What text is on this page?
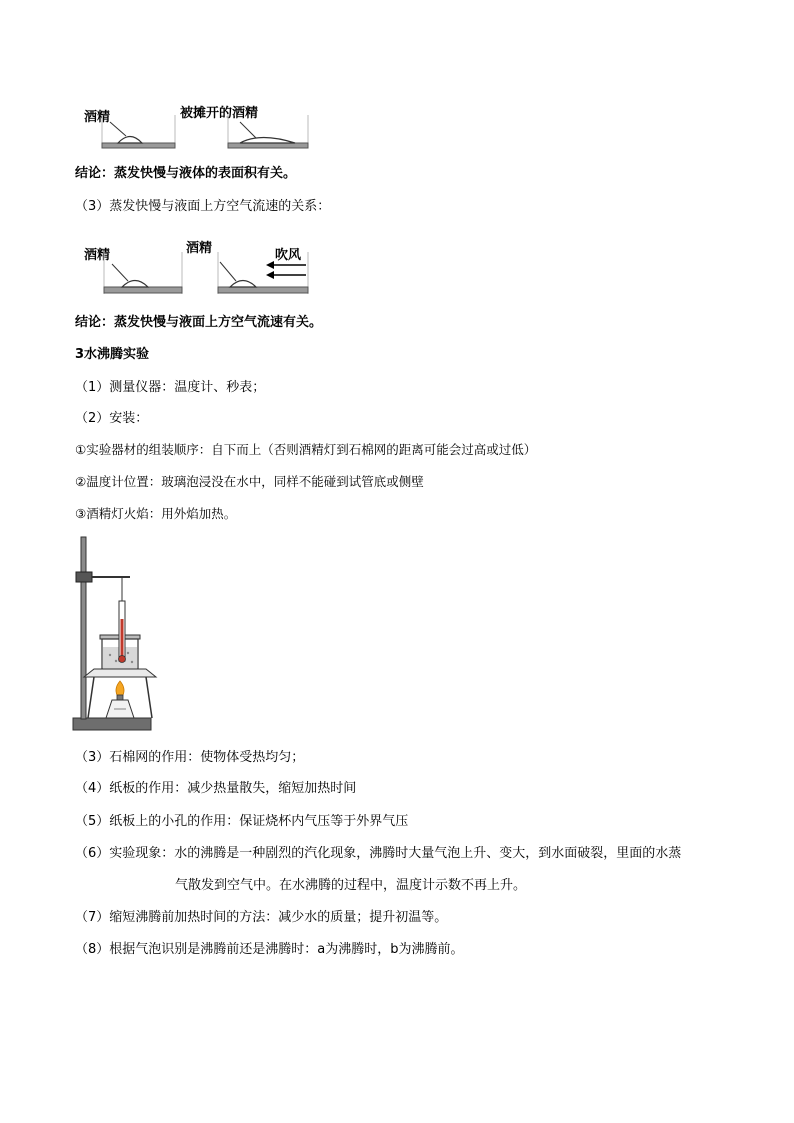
酒精	被摊开的酒精
结论：蒸发快慢与液体的表面积有关。
（3）蒸发快慢与液面上方空气流速的关系：
酒精	酒精	吹风
结论：蒸发快慢与液面上方空气流速有关。
3水沸腾实验
（1）测量仪器：温度计、秒表；
（2）安装：
①实验器材的组装顺序：自下而上（否则酒精灯到石棉网的距离可能会过高或过低）
②温度计位置：玻璃泡浸没在水中，同样不能碰到试管底或侧壁
③酒精灯火焰：用外焰加热。
（3）石棉网的作用：使物体受热均匀；
（4）纸板的作用：减少热量散失，缩短加热时间
（5）纸板上的小孔的作用：保证烧杯内气压等于外界气压
（6）实验现象：水的沸腾是一种剧烈的汽化现象，沸腾时大量气泡上升、变大，到水面破裂，里面的水蒸
气散发到空气中。在水沸腾的过程中，温度计示数不再上升。
（7）缩短沸腾前加热时间的方法：减少水的质量；提升初温等。
（8）根据气泡识别是沸腾前还是沸腾时：a为沸腾时，b为沸腾前。
